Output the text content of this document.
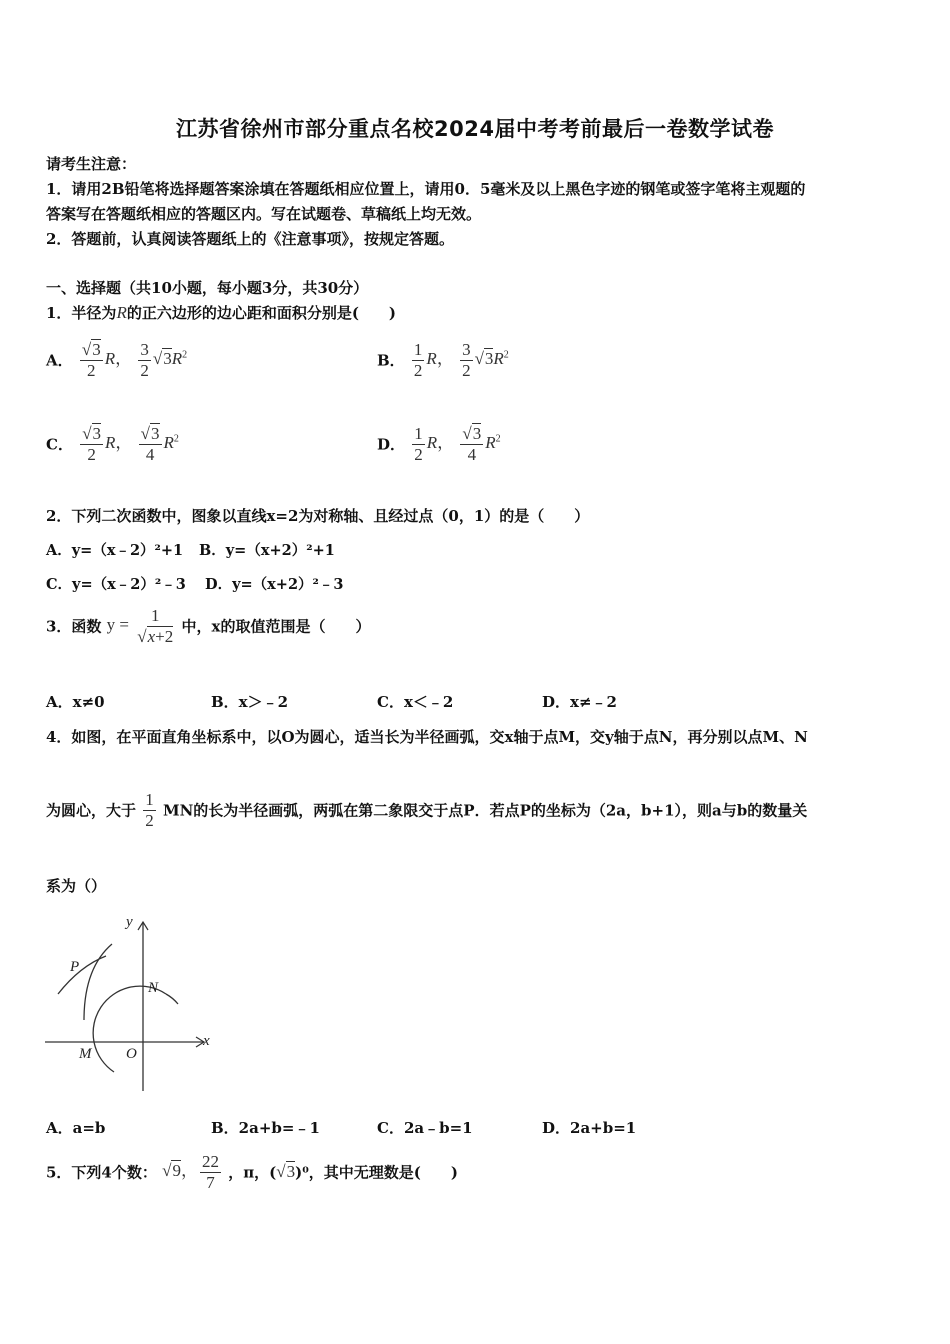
江苏省徐州市部分重点名校2024届中考考前最后一卷数学试卷
请考生注意：
1．请用2B铅笔将选择题答案涂填在答题纸相应位置上，请用0．5毫米及以上黑色字迹的钢笔或签字笔将主观题的
答案写在答题纸相应的答题区内。写在试题卷、草稿纸上均无效。
2．答题前，认真阅读答题纸上的《注意事项》，按规定答题。
一、选择题（共10小题，每小题3分，共30分）
1．半径为R的正六边形的边心距和面积分别是(　　)
A． $\frac{√3}{2}$ R， $\frac{3}{2} √3R^2$	B． $\frac{1}{2}$ R， $\frac{3}{2} √3R^2$
C． $\frac{√3}{2}$ R， $\frac{√3}{4} R^2$	D． $\frac{1}{2}$ R， $\frac{√3}{4} R^2$
2．下列二次函数中，图象以直线x=2为对称轴、且经过点（0，1）的是（　　）
A．y=（x﹣2）²+1 B．y=（x+2）²+1
C．y=（x﹣2）²﹣3 D．y=（x+2）²﹣3
3．函数 $y = \frac{1}{√x+2}$ 中，x的取值范围是（　　）
A．x≠0	B．x＞﹣2	C．x＜﹣2	D．x≠﹣2
4．如图，在平面直角坐标系中，以O为圆心，适当长为半径画弧，交x轴于点M，交y轴于点N，再分别以点M、N
为圆心，大于 $\frac{1}{2}$ MN的长为半径画弧，两弧在第二象限交于点P．若点P的坐标为（2a，b+1），则a与b的数量关
系为（）
y
x
P
N
M O
A．a=b	B．2a+b=﹣1	C．2a﹣b=1	D．2a+b=1
5．下列4个数： √9， $\frac{22}{7}$ ，π，(√3)⁰，其中无理数是(　　)
